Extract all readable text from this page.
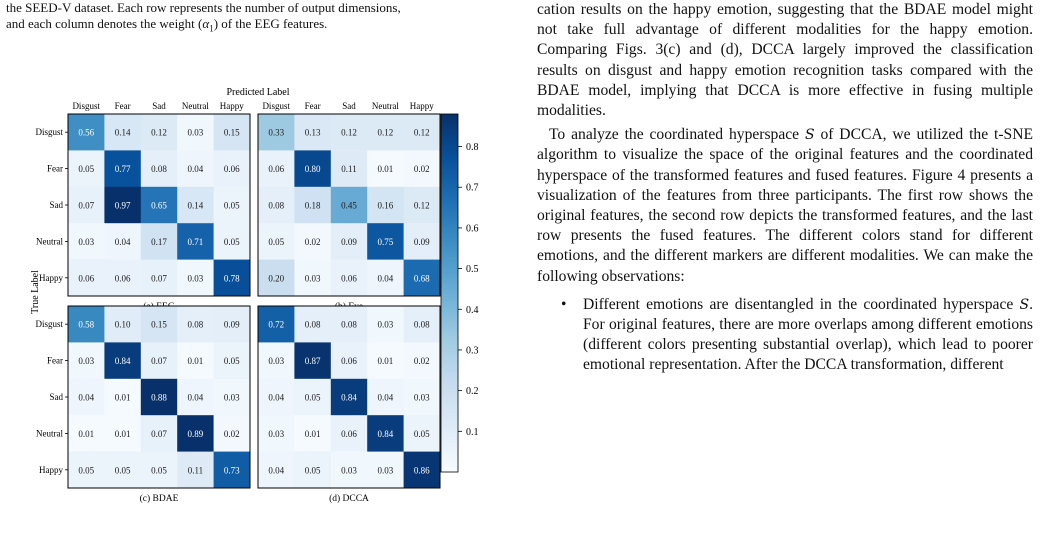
the SEED-V dataset. Each row represents the number of output dimensions,

and each column denotes the weight $(\alpha_1)$ of the EEG features.

Predicted Label
True Label
0.56 0.14 0.12 0.03 0.15
0.05 0.77 0.08 0.04 0.06
0.07 0.97 0.65 0.14 0.05
0.03 0.04 0.17 0.71 0.05
0.06 0.06 0.07 0.03 0.78
Disgust Fear Sad Neutral Happy
Disgust
Fear
Sad
Neutral
Happy
0.33 0.13 0.12 0.12 0.12
0.06 0.80 0.11 0.01 0.02
0.08 0.18 0.45 0.16 0.12
0.05 0.02 0.09 0.75 0.09
0.20 0.03 0.06 0.04 0.68
Disgust Fear Sad Neutral Happy
0.58 0.10 0.15 0.08 0.09
0.03 0.84 0.07 0.01 0.05
0.04 0.01 0.88 0.04 0.03
0.01 0.01 0.07 0.89 0.02
0.05 0.05 0.05 0.11 0.73
Disgust
Fear
Sad
Neutral
Happy
(c) BDAE
0.72 0.08 0.08 0.03 0.08
0.03 0.87 0.06 0.01 0.02
0.04 0.05 0.84 0.04 0.03
0.03 0.01 0.06 0.84 0.05
0.04 0.05 0.03 0.03 0.86
(d) DCCA
0.8
0.7
0.6
0.5
0.4
0.3
0.2
0.1

cation results on the happy emotion, suggesting that the BDAE model might not take full advantage of different modalities for the happy emotion. Comparing Figs. 3(c) and (d), DCCA largely improved the classification results on disgust and happy emotion recognition tasks compared with the BDAE model, implying that DCCA is more effective in fusing multiple modalities.

To analyze the coordinated hyperspace S of DCCA, we utilized the t-SNE algorithm to visualize the space of the original features and the coordinated hyperspace of the transformed features and fused features. Figure 4 presents a visualization of the features from three participants. The first row shows the original features, the second row depicts the transformed features, and the last row presents the fused features. The different colors stand for different emotions, and the different markers are different modalities. We can make the following observations:

• Different emotions are disentangled in the coordinated hyperspace S. For original features, there are more overlaps among different emotions (different colors presenting substantial overlap), which lead to poorer emotional representation. After the DCCA transformation, different
